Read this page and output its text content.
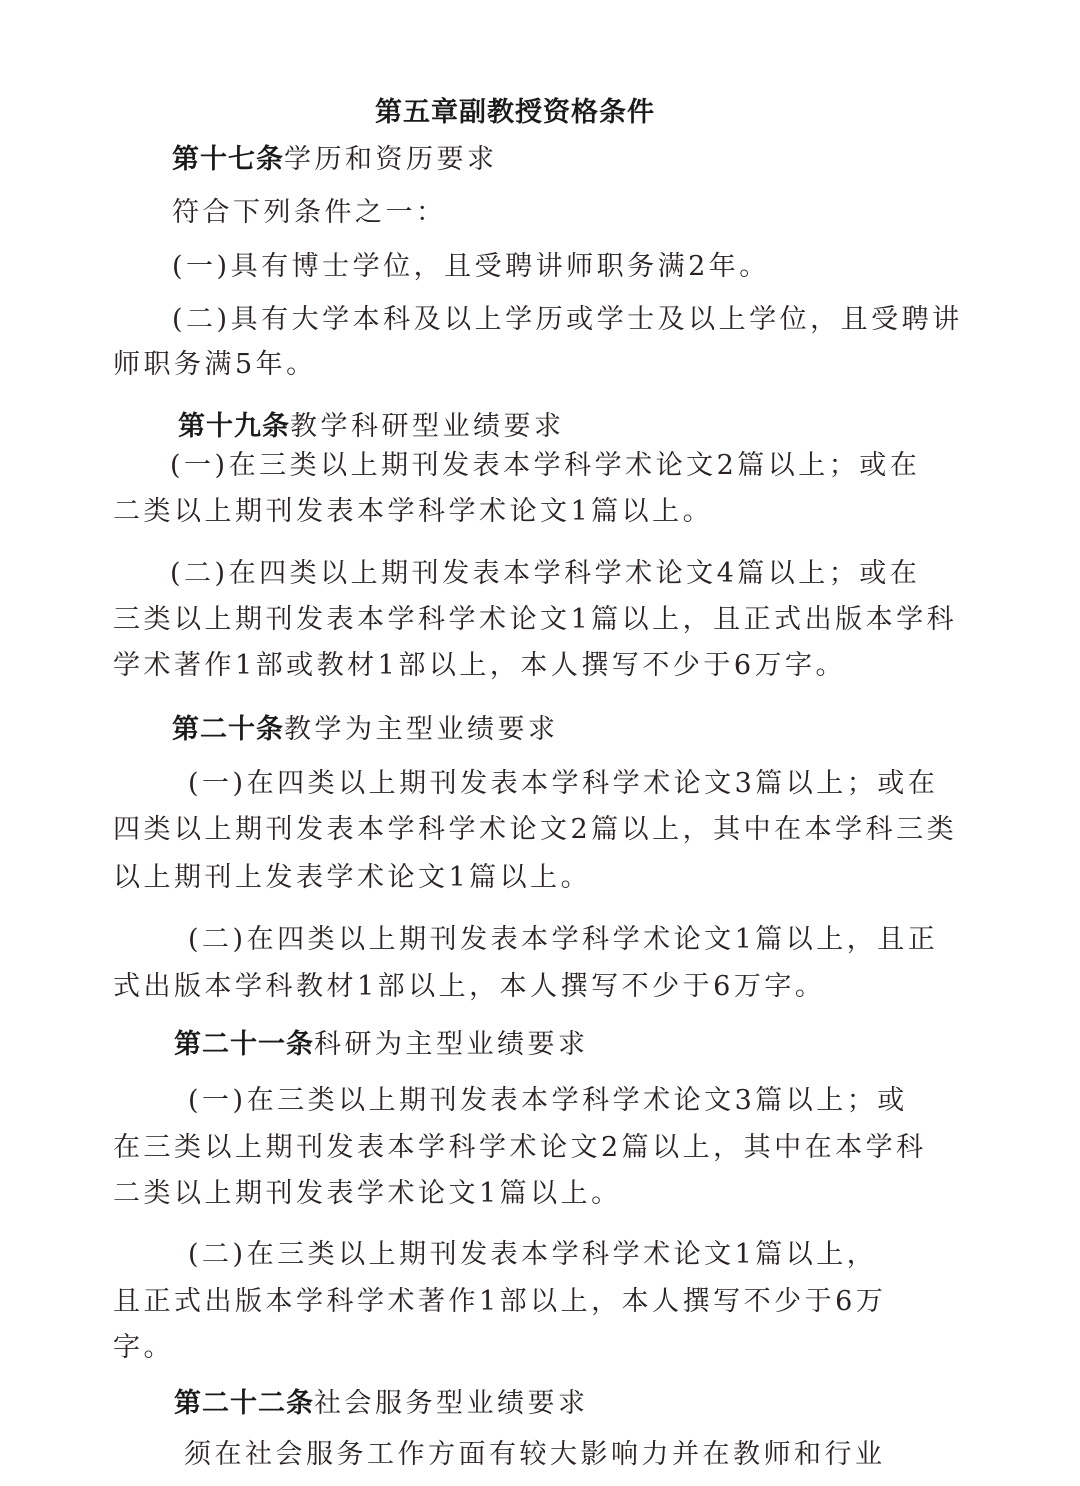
第五章副教授资格条件
第十七条学历和资历要求
符合下列条件之一：
(一)具有博士学位，且受聘讲师职务满2年。
(二)具有大学本科及以上学历或学士及以上学位，且受聘讲
师职务满5年。
第十九条教学科研型业绩要求
(一)在三类以上期刊发表本学科学术论文2篇以上；或在
二类以上期刊发表本学科学术论文1篇以上。
(二)在四类以上期刊发表本学科学术论文4篇以上；或在
三类以上期刊发表本学科学术论文1篇以上，且正式出版本学科
学术著作1部或教材1部以上，本人撰写不少于6万字。
第二十条教学为主型业绩要求
(一)在四类以上期刊发表本学科学术论文3篇以上；或在
四类以上期刊发表本学科学术论文2篇以上，其中在本学科三类
以上期刊上发表学术论文1篇以上。
(二)在四类以上期刊发表本学科学术论文1篇以上，且正
式出版本学科教材1部以上，本人撰写不少于6万字。
第二十一条科研为主型业绩要求
(一)在三类以上期刊发表本学科学术论文3篇以上；或
在三类以上期刊发表本学科学术论文2篇以上，其中在本学科
二类以上期刊发表学术论文1篇以上。
(二)在三类以上期刊发表本学科学术论文1篇以上，
且正式出版本学科学术著作1部以上，本人撰写不少于6万
字。
第二十二条社会服务型业绩要求
须在社会服务工作方面有较大影响力并在教师和行业
